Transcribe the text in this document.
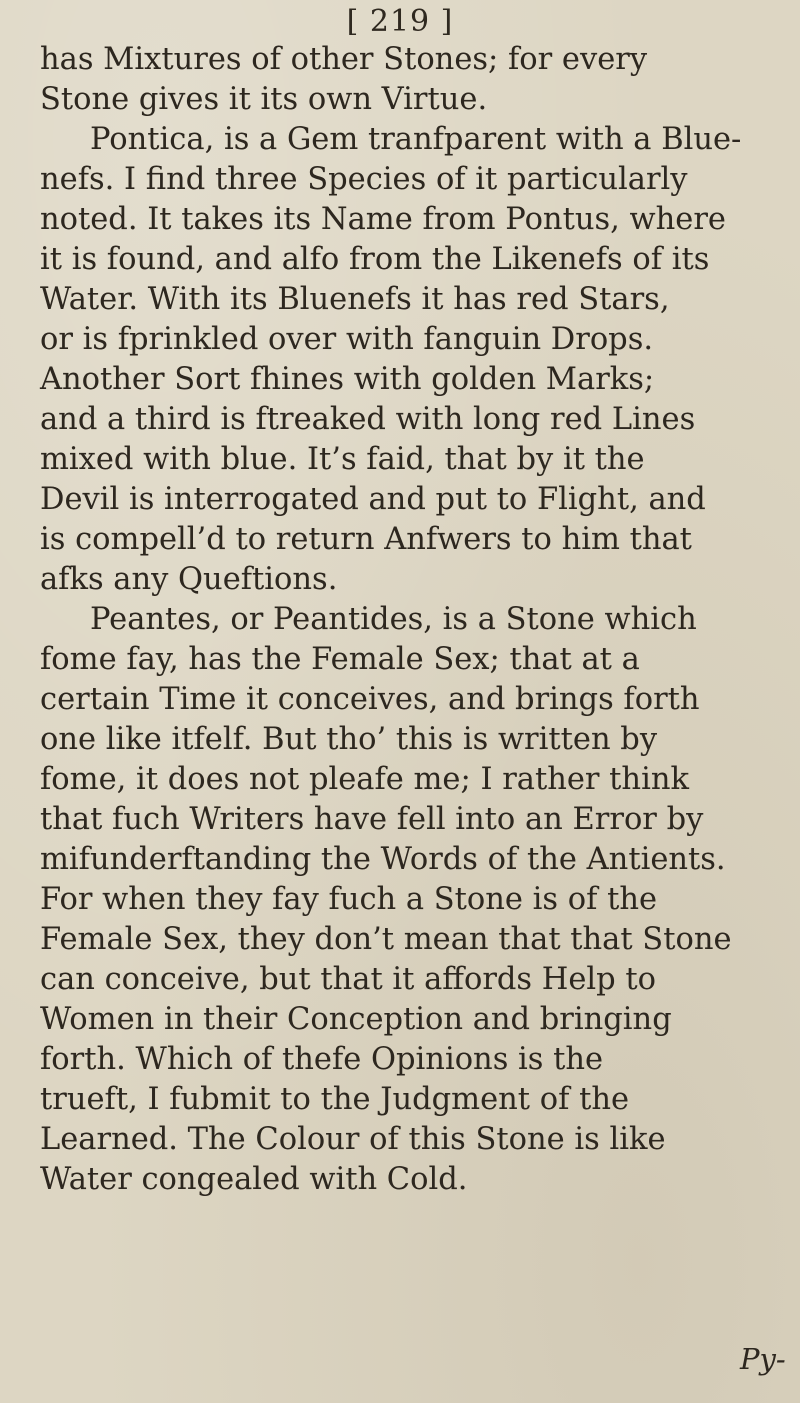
[ 219 ]
has Mixtures of other Stones; for every
Stone gives it its own Virtue.
Pontica, is a Gem tranfparent with a Blue-
nefs. I find three Species of it particularly
noted. It takes its Name from Pontus, where
it is found, and alfo from the Likenefs of its
Water. With its Bluenefs it has red Stars,
or is fprinkled over with fanguin Drops.
Another Sort fhines with golden Marks;
and a third is ftreaked with long red Lines
mixed with blue. It’s faid, that by it the
Devil is interrogated and put to Flight, and
is compell’d to return Anfwers to him that
afks any Queftions.
Peantes, or Peantides, is a Stone which
fome fay, has the Female Sex; that at a
certain Time it conceives, and brings forth
one like itfelf. But tho’ this is written by
fome, it does not pleafe me; I rather think
that fuch Writers have fell into an Error by
mifunderftanding the Words of the Antients.
For when they fay fuch a Stone is of the
Female Sex, they don’t mean that that Stone
can conceive, but that it affords Help to
Women in their Conception and bringing
forth. Which of thefe Opinions is the
trueft, I fubmit to the Judgment of the
Learned. The Colour of this Stone is like
Water congealed with Cold.
Py-
